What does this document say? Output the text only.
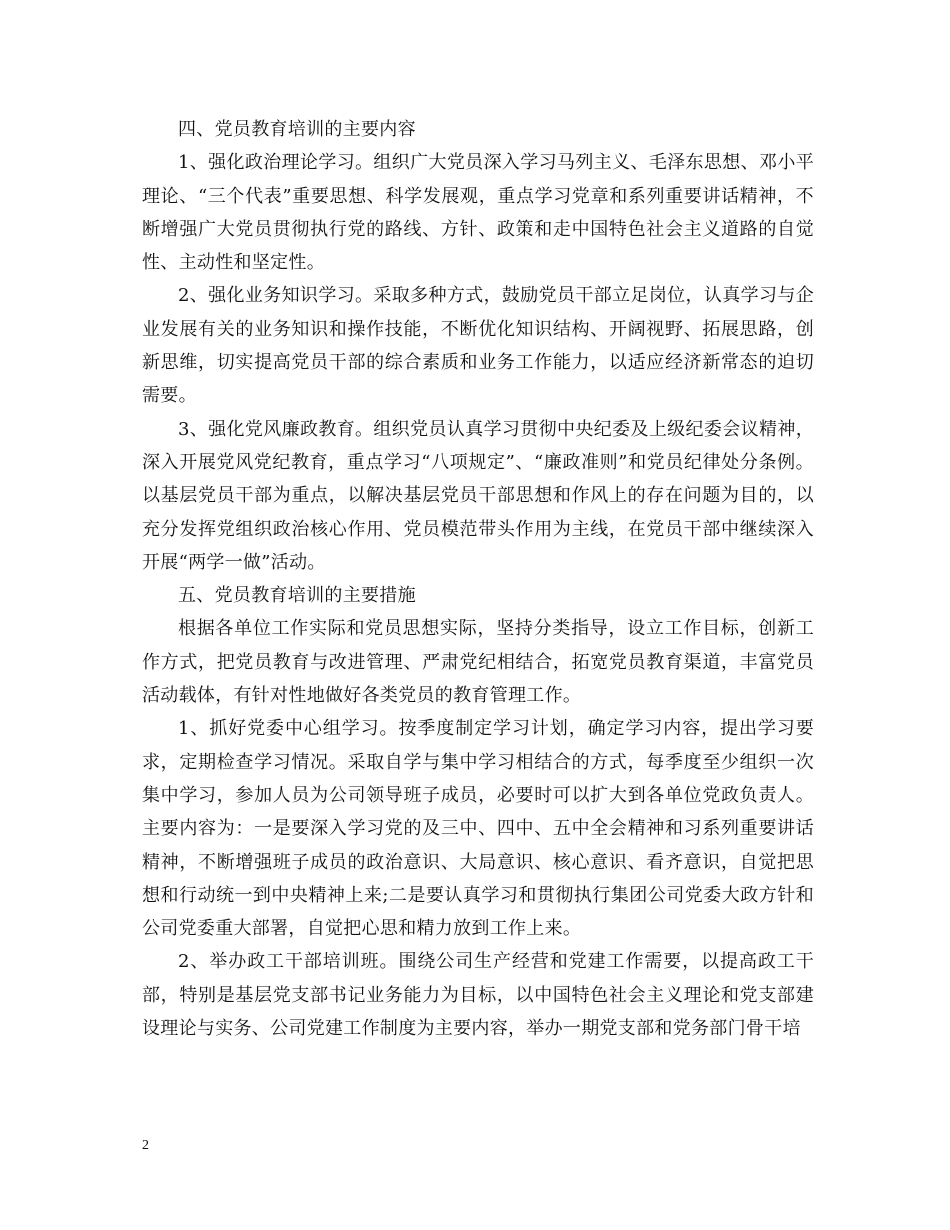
四、党员教育培训的主要内容

1、强化政治理论学习。组织广大党员深入学习马列主义、毛泽东思想、邓小平理论、“三个代表”重要思想、科学发展观，重点学习党章和系列重要讲话精神，不断增强广大党员贯彻执行党的路线、方针、政策和走中国特色社会主义道路的自觉性、主动性和坚定性。

2、强化业务知识学习。采取多种方式，鼓励党员干部立足岗位，认真学习与企业发展有关的业务知识和操作技能，不断优化知识结构、开阔视野、拓展思路，创新思维，切实提高党员干部的综合素质和业务工作能力，以适应经济新常态的迫切需要。

3、强化党风廉政教育。组织党员认真学习贯彻中央纪委及上级纪委会议精神，深入开展党风党纪教育，重点学习“八项规定”、“廉政准则”和党员纪律处分条例。以基层党员干部为重点，以解决基层党员干部思想和作风上的存在问题为目的，以充分发挥党组织政治核心作用、党员模范带头作用为主线，在党员干部中继续深入开展“两学一做”活动。

五、党员教育培训的主要措施

根据各单位工作实际和党员思想实际，坚持分类指导，设立工作目标，创新工作方式，把党员教育与改进管理、严肃党纪相结合，拓宽党员教育渠道，丰富党员活动载体，有针对性地做好各类党员的教育管理工作。

1、抓好党委中心组学习。按季度制定学习计划，确定学习内容，提出学习要求，定期检查学习情况。采取自学与集中学习相结合的方式，每季度至少组织一次集中学习，参加人员为公司领导班子成员，必要时可以扩大到各单位党政负责人。主要内容为：一是要深入学习党的及三中、四中、五中全会精神和习系列重要讲话精神，不断增强班子成员的政治意识、大局意识、核心意识、看齐意识，自觉把思想和行动统一到中央精神上来;二是要认真学习和贯彻执行集团公司党委大政方针和公司党委重大部署，自觉把心思和精力放到工作上来。

2、举办政工干部培训班。围绕公司生产经营和党建工作需要，以提高政工干部，特别是基层党支部书记业务能力为目标，以中国特色社会主义理论和党支部建设理论与实务、公司党建工作制度为主要内容，举办一期党支部和党务部门骨干培

2
